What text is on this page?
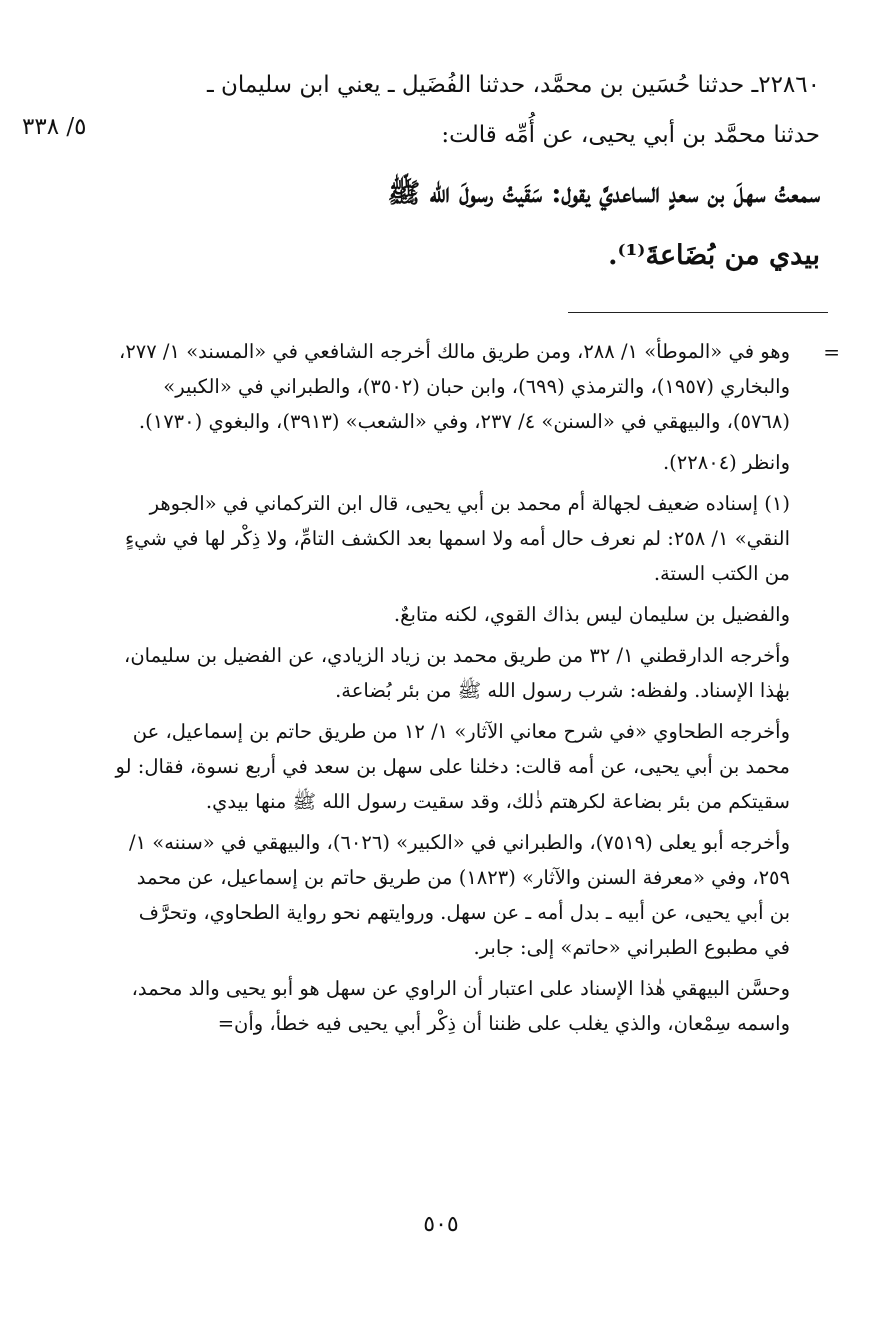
٥/ ٣٣٨
٢٢٨٦٠ـ حدثنا حُسَين بن محمَّد، حدثنا الفُضَيل ـ يعني ابن سليمان ـ
حدثنا محمَّد بن أبي يحيى، عن أُمِّه قالت:
سمعتُ سهلَ بن سعدٍ الساعديَّ يقول: سَقَيتُ رسولَ الله ﷺ
بيدي من بُضَاعةَ⁽¹⁾.
=

وهو في «الموطأ» ١/ ٢٨٨، ومن طريق مالك أخرجه الشافعي في «المسند» ١/ ٢٧٧، والبخاري (١٩٥٧)، والترمذي (٦٩٩)، وابن حبان (٣٥٠٢)، والطبراني في «الكبير» (٥٧٦٨)، والبيهقي في «السنن» ٤/ ٢٣٧، وفي «الشعب» (٣٩١٣)، والبغوي (١٧٣٠).

وانظر (٢٢٨٠٤).

(١) إسناده ضعيف لجهالة أم محمد بن أبي يحيى، قال ابن التركماني في «الجوهر النقي» ١/ ٢٥٨: لم نعرف حال أمه ولا اسمها بعد الكشف التامِّ، ولا ذِكْر لها في شيءٍ من الكتب الستة.

والفضيل بن سليمان ليس بذاك القوي، لكنه متابعٌ.

وأخرجه الدارقطني ١/ ٣٢ من طريق محمد بن زياد الزيادي، عن الفضيل بن سليمان، بهٰذا الإسناد. ولفظه: شرب رسول الله ﷺ من بئر بُضاعة.

وأخرجه الطحاوي «في شرح معاني الآثار» ١/ ١٢ من طريق حاتم بن إسماعيل، عن محمد بن أبي يحيى، عن أمه قالت: دخلنا على سهل بن سعد في أربع نسوة، فقال: لو سقيتكم من بئر بضاعة لكرهتم ذٰلك، وقد سقيت رسول الله ﷺ منها بيدي.

وأخرجه أبو يعلى (٧٥١٩)، والطبراني في «الكبير» (٦٠٢٦)، والبيهقي في «سننه» ١/ ٢٥٩، وفي «معرفة السنن والآثار» (١٨٢٣) من طريق حاتم بن إسماعيل، عن محمد بن أبي يحيى، عن أبيه ـ بدل أمه ـ عن سهل. وروايتهم نحو رواية الطحاوي، وتحرَّف في مطبوع الطبراني «حاتم» إلى: جابر.

وحسَّن البيهقي هٰذا الإسناد على اعتبار أن الراوي عن سهل هو أبو يحيى والد محمد، واسمه سِمْعان، والذي يغلب على ظننا أن ذِكْر أبي يحيى فيه خطأ، وأن=

٥٠٥
